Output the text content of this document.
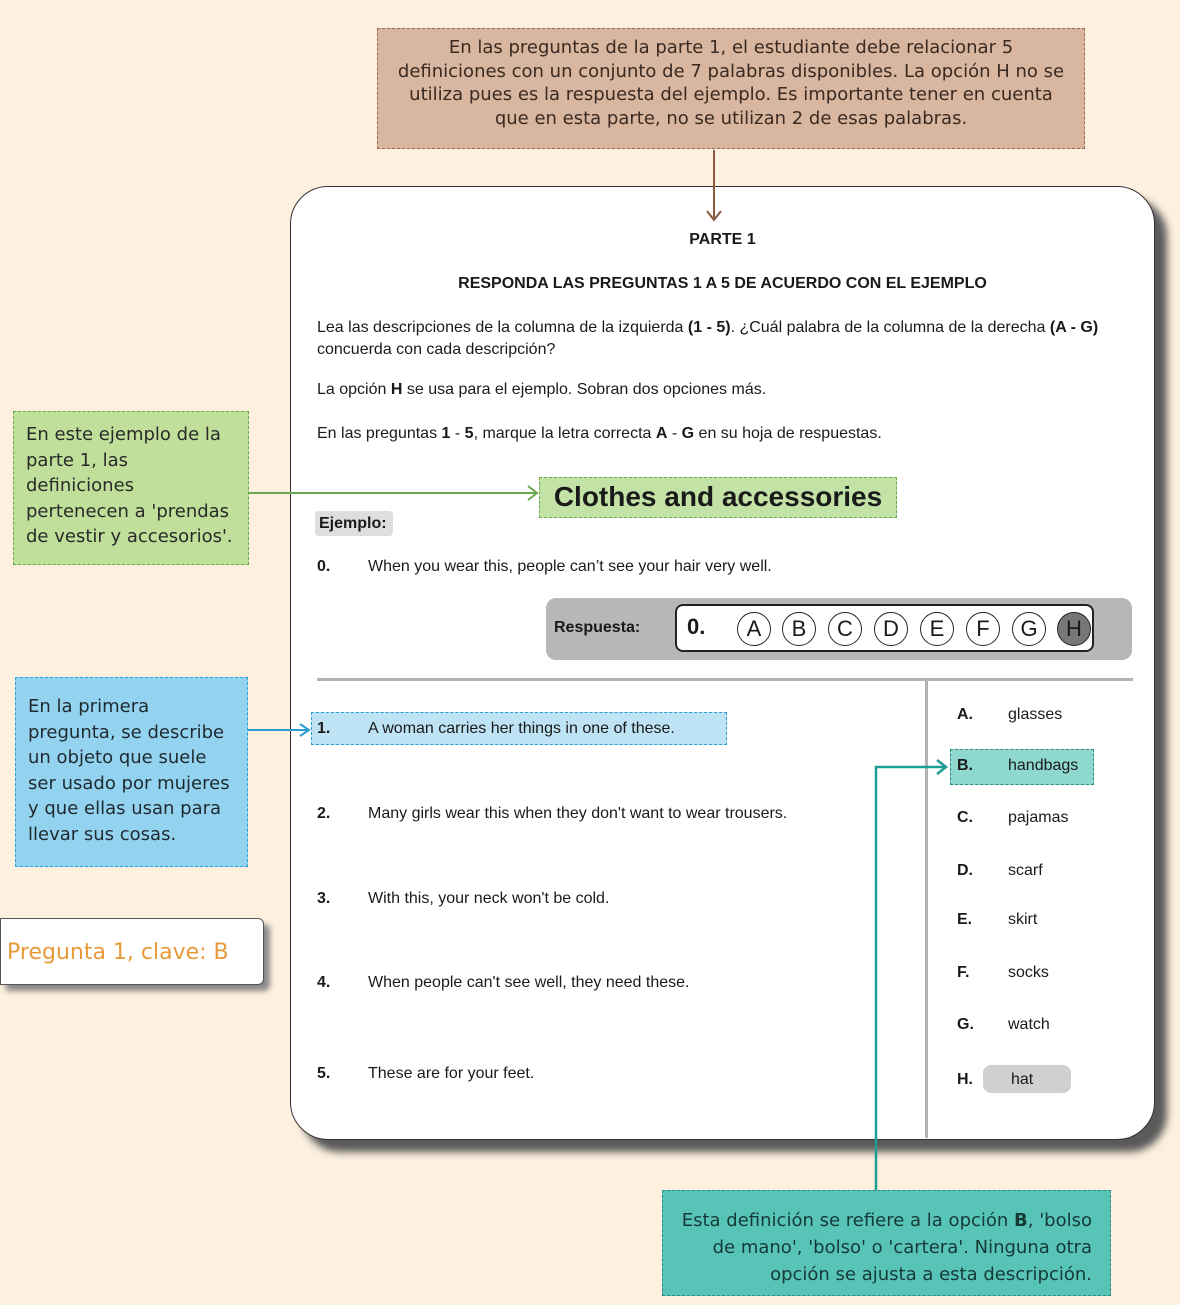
En las preguntas de la parte 1, el estudiante debe relacionar 5 definiciones con un conjunto de 7 palabras disponibles. La opción H no se utiliza pues es la respuesta del ejemplo. Es importante tener en cuenta que en esta parte, no se utilizan 2 de esas palabras.
En este ejemplo de la parte 1, las definiciones pertenecen a 'prendas de vestir y accesorios'.
En la primera pregunta, se describe un objeto que suele ser usado por mujeres y que ellas usan para llevar sus cosas.
Pregunta 1, clave: B
Esta definición se refiere a la opción B, 'bolso de mano', 'bolso' o 'cartera'. Ninguna otra opción se ajusta a esta descripción.
PARTE 1
RESPONDA LAS PREGUNTAS 1 A 5 DE ACUERDO CON EL EJEMPLO
Lea las descripciones de la columna de la izquierda (1 - 5). ¿Cuál palabra de la columna de la derecha (A - G) concuerda con cada descripción?
La opción H se usa para el ejemplo. Sobran dos opciones más.
En las preguntas 1 - 5, marque la letra correcta A - G en su hoja de respuestas.
Clothes and accessories
Ejemplo:
0. When you wear this, people can’t see your hair very well.
Respuesta: 0.	A	B	C	D	E	F	G	H
1. A woman carries her things in one of these.
2. Many girls wear this when they don't want to wear trousers.
3. With this, your neck won't be cold.
4. When people can't see well, they need these.
5. These are for your feet.
A. glasses
B. handbags
C. pajamas
D. scarf
E. skirt
F. socks
G. watch
H. hat
